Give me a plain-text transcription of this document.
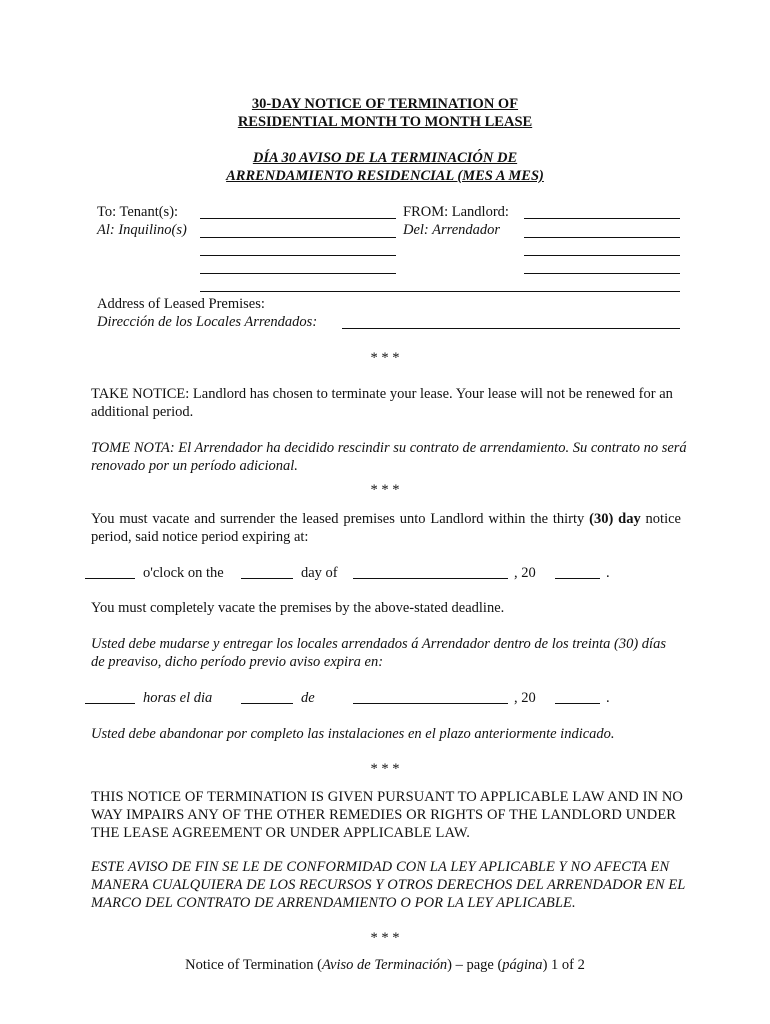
30-DAY NOTICE OF TERMINATION OF
RESIDENTIAL MONTH TO MONTH LEASE
DÍA 30 AVISO DE LA TERMINACIÓN DE
ARRENDAMIENTO RESIDENCIAL (MES A MES)
To: Tenant(s):
Al: Inquilino(s)
FROM: Landlord:
Del: Arrendador
Address of Leased Premises:
Dirección de los Locales Arrendados:
* * *
TAKE NOTICE: Landlord has chosen to terminate your lease. Your lease will not be renewed for an additional period.
TOME NOTA: El Arrendador ha decidido rescindir su contrato de arrendamiento. Su contrato no será renovado por un período adicional.
* * *
You must vacate and surrender the leased premises unto Landlord within the thirty (30) day notice period, said notice period expiring at:
o'clock on the	day of	, 20	.
You must completely vacate the premises by the above-stated deadline.
Usted debe mudarse y entregar los locales arrendados á Arrendador dentro de los treinta (30) días de preaviso, dicho período previo aviso expira en:
horas el dia	de	, 20	.
Usted debe abandonar por completo las instalaciones en el plazo anteriormente indicado.
* * *
THIS NOTICE OF TERMINATION IS GIVEN PURSUANT TO APPLICABLE LAW AND IN NO WAY IMPAIRS ANY OF THE OTHER REMEDIES OR RIGHTS OF THE LANDLORD UNDER THE LEASE AGREEMENT OR UNDER APPLICABLE LAW.
ESTE AVISO DE FIN SE LE DE CONFORMIDAD CON LA LEY APLICABLE Y NO AFECTA EN MANERA CUALQUIERA DE LOS RECURSOS Y OTROS DERECHOS DEL ARRENDADOR EN EL MARCO DEL CONTRATO DE ARRENDAMIENTO O POR LA LEY APLICABLE.
* * *
Notice of Termination (Aviso de Terminación) – page (página) 1 of 2
